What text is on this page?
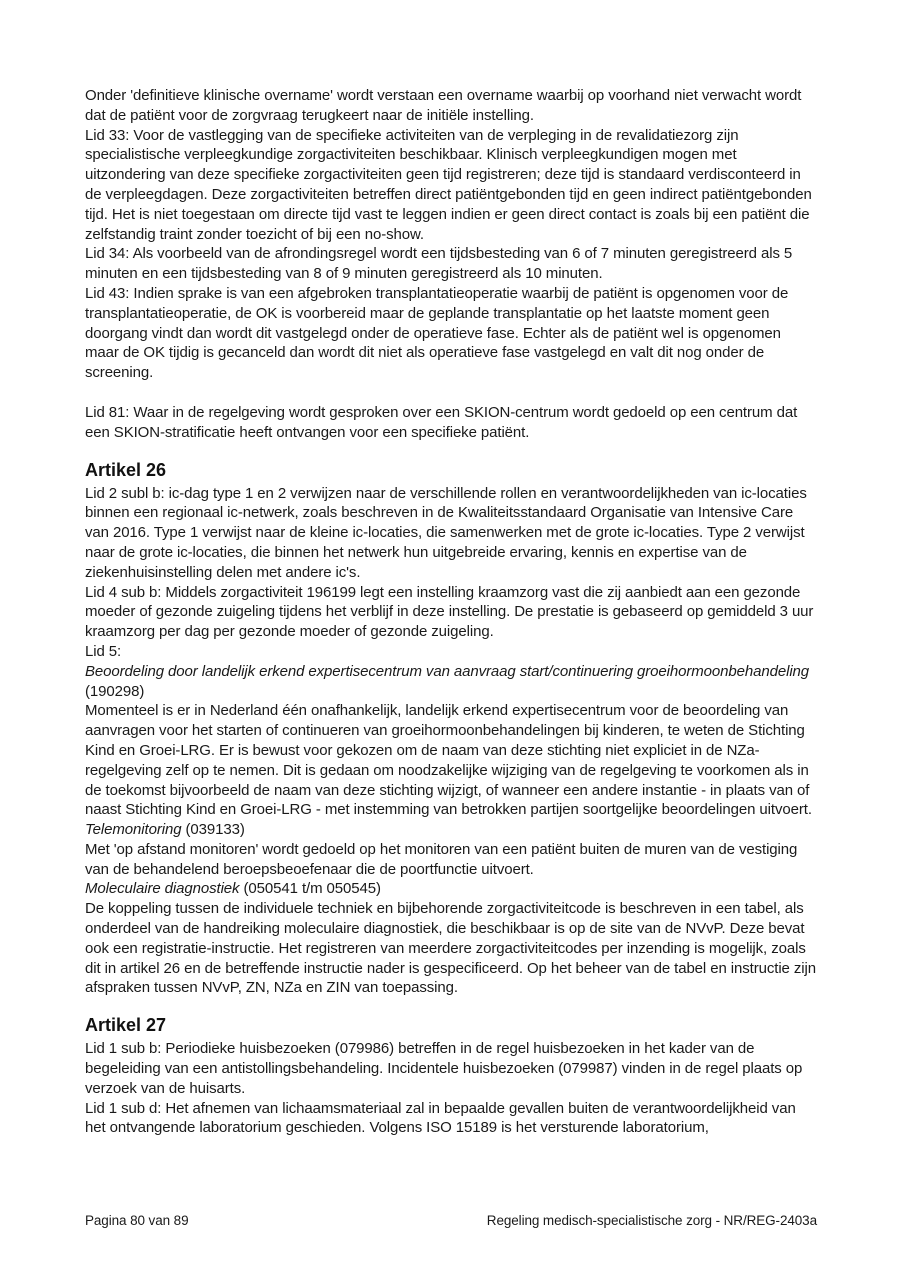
Onder 'definitieve klinische overname' wordt verstaan een overname waarbij op voorhand niet verwacht wordt dat de patiënt voor de zorgvraag terugkeert naar de initiële instelling.

Lid 33: Voor de vastlegging van de specifieke activiteiten van de verpleging in de revalidatiezorg zijn specialistische verpleegkundige zorgactiviteiten beschikbaar. Klinisch verpleegkundigen mogen met uitzondering van deze specifieke zorgactiviteiten geen tijd registreren; deze tijd is standaard verdisconteerd in de verpleegdagen. Deze zorgactiviteiten betreffen direct patiëntgebonden tijd en geen indirect patiëntgebonden tijd. Het is niet toegestaan om directe tijd vast te leggen indien er geen direct contact is zoals bij een patiënt die zelfstandig traint zonder toezicht of bij een no-show.

Lid 34: Als voorbeeld van de afrondingsregel wordt een tijdsbesteding van 6 of 7 minuten geregistreerd als 5 minuten en een tijdsbesteding van 8 of 9 minuten geregistreerd als 10 minuten.

Lid 43: Indien sprake is van een afgebroken transplantatieoperatie waarbij de patiënt is opgenomen voor de transplantatieoperatie, de OK is voorbereid maar de geplande transplantatie op het laatste moment geen doorgang vindt dan wordt dit vastgelegd onder de operatieve fase. Echter als de patiënt wel is opgenomen maar de OK tijdig is gecanceld dan wordt dit niet als operatieve fase vastgelegd en valt dit nog onder de screening.

Lid 81: Waar in de regelgeving wordt gesproken over een SKION-centrum wordt gedoeld op een centrum dat een SKION-stratificatie heeft ontvangen voor een specifieke patiënt.

Artikel 26

Lid 2 subl b: ic-dag type 1 en 2 verwijzen naar de verschillende rollen en verantwoordelijkheden van ic-locaties binnen een regionaal ic-netwerk, zoals beschreven in de Kwaliteitsstandaard Organisatie van Intensive Care van 2016. Type 1 verwijst naar de kleine ic-locaties, die samenwerken met de grote ic-locaties. Type 2 verwijst naar de grote ic-locaties, die binnen het netwerk hun uitgebreide ervaring, kennis en expertise van de ziekenhuisinstelling delen met andere ic's.

Lid 4 sub b: Middels zorgactiviteit 196199 legt een instelling kraamzorg vast die zij aanbiedt aan een gezonde moeder of gezonde zuigeling tijdens het verblijf in deze instelling. De prestatie is gebaseerd op gemiddeld 3 uur kraamzorg per dag per gezonde moeder of gezonde zuigeling.

Lid 5:

Beoordeling door landelijk erkend expertisecentrum van aanvraag start/continuering groeihormoonbehandeling

(190298)

Momenteel is er in Nederland één onafhankelijk, landelijk erkend expertisecentrum voor de beoordeling van aanvragen voor het starten of continueren van groeihormoonbehandelingen bij kinderen, te weten de Stichting Kind en Groei-LRG. Er is bewust voor gekozen om de naam van deze stichting niet expliciet in de NZa-regelgeving zelf op te nemen. Dit is gedaan om noodzakelijke wijziging van de regelgeving te voorkomen als in de toekomst bijvoorbeeld de naam van deze stichting wijzigt, of wanneer een andere instantie - in plaats van of naast Stichting Kind en Groei-LRG - met instemming van betrokken partijen soortgelijke beoordelingen uitvoert.

Telemonitoring (039133)

Met 'op afstand monitoren' wordt gedoeld op het monitoren van een patiënt buiten de muren van de vestiging van de behandelend beroepsbeoefenaar die de poortfunctie uitvoert.

Moleculaire diagnostiek (050541 t/m 050545)

De koppeling tussen de individuele techniek en bijbehorende zorgactiviteitcode is beschreven in een tabel, als onderdeel van de handreiking moleculaire diagnostiek, die beschikbaar is op de site van de NVvP. Deze bevat ook een registratie-instructie. Het registreren van meerdere zorgactiviteitcodes per inzending is mogelijk, zoals dit in artikel 26 en de betreffende instructie nader is gespecificeerd. Op het beheer van de tabel en instructie zijn afspraken tussen NVvP, ZN, NZa en ZIN van toepassing.

Artikel 27

Lid 1 sub b: Periodieke huisbezoeken (079986) betreffen in de regel huisbezoeken in het kader van de begeleiding van een antistollingsbehandeling. Incidentele huisbezoeken (079987) vinden in de regel plaats op verzoek van de huisarts.

Lid 1 sub d: Het afnemen van lichaamsmateriaal zal in bepaalde gevallen buiten de verantwoordelijkheid van het ontvangende laboratorium geschieden. Volgens ISO 15189 is het versturende laboratorium,

Pagina 80 van 89	Regeling medisch-specialistische zorg - NR/REG-2403a
